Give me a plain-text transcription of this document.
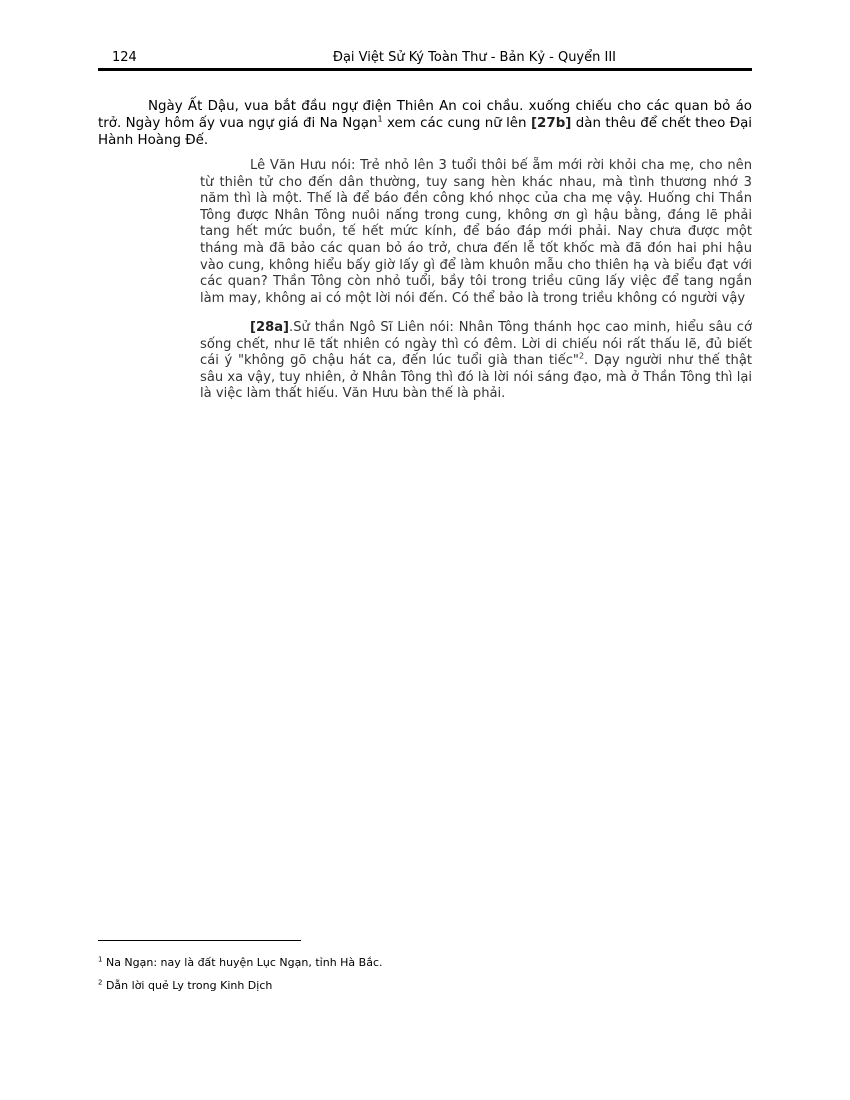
124	Đại Việt Sử Ký Toàn Thư - Bản Kỷ - Quyển III

Ngày Ất Dậu, vua bắt đầu ngự điện Thiên An coi chầu. xuống chiếu cho các quan bỏ áo trở. Ngày hôm ấy vua ngự giá đi Na Ngạn$^1$ xem các cung nữ lên [27b] dàn thêu để chết theo Đại Hành Hoàng Đế.

Lê Văn Hưu nói: Trẻ nhỏ lên 3 tuổi thôi bế ẵm mới rời khỏi cha mẹ, cho nên từ thiên tử cho đến dân thường, tuy sang hèn khác nhau, mà tình thương nhớ 3 năm thì là một. Thế là để báo đền công khó nhọc của cha mẹ vậy. Huống chi Thần Tông được Nhân Tông nuôi nấng trong cung, không ơn gì hậu bằng, đáng lẽ phải tang hết mức buồn, tế hết mức kính, để báo đáp mới phải. Nay chưa được một tháng mà đã bảo các quan bỏ áo trở, chưa đến lễ tốt khốc mà đã đón hai phi hậu vào cung, không hiểu bấy giờ lấy gì để làm khuôn mẫu cho thiên hạ và biểu đạt với các quan? Thần Tông còn nhỏ tuổi, bầy tôi trong triều cũng lấy việc để tang ngắn làm may, không ai có một lời nói đến. Có thể bảo là trong triều không có người vậy

[28a].Sử thần Ngô Sĩ Liên nói: Nhân Tông thánh học cao minh, hiểu sâu cớ sống chết, như lẽ tất nhiên có ngày thì có đêm. Lời di chiếu nói rất thấu lẽ, đủ biết cái ý "không gõ chậu hát ca, đến lúc tuổi già than tiếc"$^2$. Dạy người như thế thật sâu xa vậy, tuy nhiên, ở Nhân Tông thì đó là lời nói sáng đạo, mà ở Thần Tông thì lại là việc làm thất hiếu. Văn Hưu bàn thế là phải.

$^1$ Na Ngạn: nay là đất huyện Lục Ngạn, tỉnh Hà Bắc.

$^2$ Dẫn lời quẻ Ly trong Kinh Dịch
